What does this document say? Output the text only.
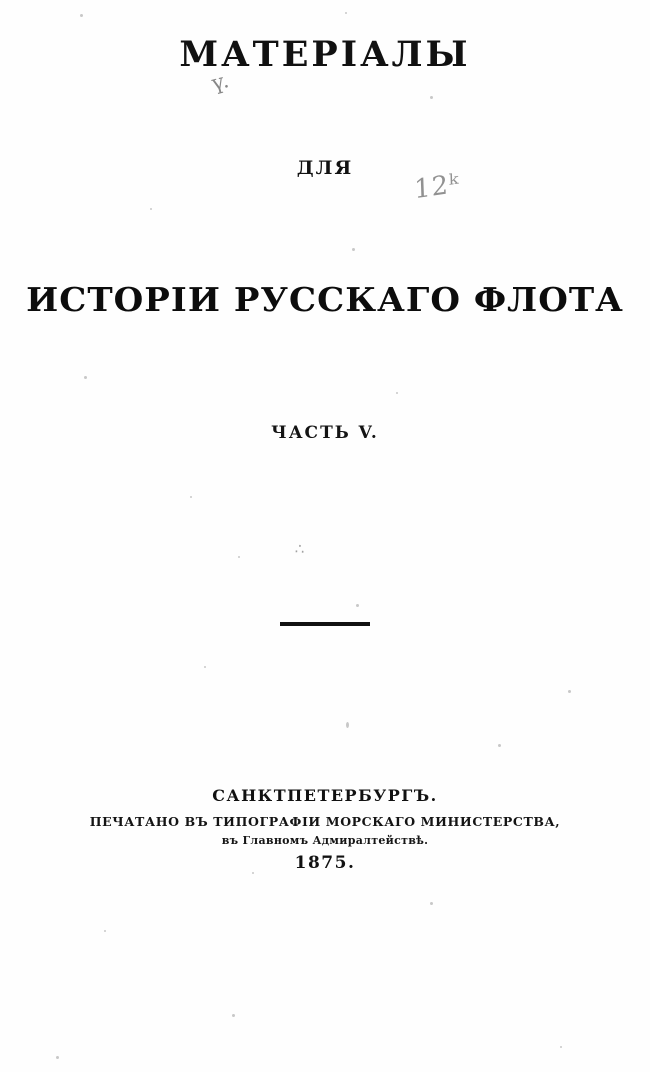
МАТЕРІАЛЫ
ДЛЯ
ИСТОРІИ РУССКАГО ФЛОТА
ЧАСТЬ V.
САНКТПЕТЕРБУРГЪ.
ПЕЧАТАНО ВЪ ТИПОГРАФІИ МОРСКАГО МИНИСТЕРСТВА,
въ Главномъ Адмиралтействѣ.
1875.
ү.
12ᵏ
∴
